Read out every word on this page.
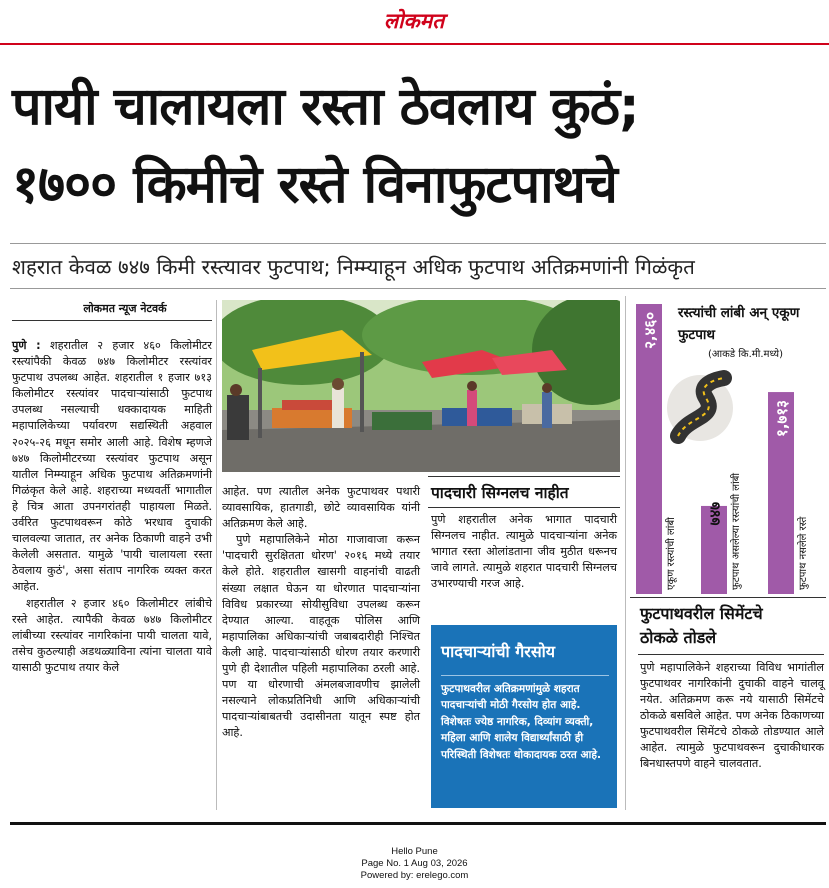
लोकमत
पायी चालायला रस्ता ठेवलाय कुठं;
१७०० किमीचे रस्ते विनाफुटपाथचे
शहरात केवळ ७४७ किमी रस्त्यावर फुटपाथ; निम्म्याहून अधिक फुटपाथ अतिक्रमणांनी गिळंकृत
लोकमत न्यूज नेटवर्क

पुणे : शहरातील २ हजार ४६० किलोमीटर रस्त्यांपैकी केवळ ७४७ किलोमीटर रस्त्यांवर फुटपाथ उपलब्ध आहेत. शहरातील १ हजार ७१३ किलोमीटर रस्त्यांवर पादचाऱ्यांसाठी फुटपाथ उपलब्ध नसल्याची धक्कादायक माहिती महापालिकेच्या पर्यावरण सद्यस्थिती अहवाल २०२५-२६ मधून समोर आली आहे. विशेष म्हणजे ७४७ किलोमीटरच्या रस्त्यांवर फुटपाथ असून यातील निम्म्याहून अधिक फुटपाथ अतिक्रमणांनी गिळंकृत केले आहे. शहराच्या मध्यवर्ती भागातील हे चित्र आता उपनगरांतही पाहायला मिळते. उर्वरित फुटपाथवरून कोठे भरधाव दुचाकी चालवल्या जातात, तर अनेक ठिकाणी वाहने उभी केलेली असतात. यामुळे 'पायी चालायला रस्ता ठेवलाय कुठं', असा संताप नागरिक व्यक्त करत आहेत.

शहरातील २ हजार ४६० किलोमीटर लांबीचे रस्ते आहेत. त्यापैकी केवळ ७४७ किलोमीटर लांबीच्या रस्त्यांवर नागरिकांना पायी चालता यावे, तसेच कुठल्याही अडथळ्याविना त्यांना चालता यावे यासाठी फुटपाथ तयार केले

आहेत. पण त्यातील अनेक फुटपाथवर पथारी व्यावसायिक, हातगाडी, छोटे व्यावसायिक यांनी अतिक्रमण केले आहे.

पुणे महापालिकेने मोठा गाजावाजा करून 'पादचारी सुरक्षितता धोरण' २०१६ मध्ये तयार केले होते. शहरातील खासगी वाहनांची वाढती संख्या लक्षात घेऊन या धोरणात पादचाऱ्यांना विविध प्रकारच्या सोयीसुविधा उपलब्ध करून देण्यात आल्या. वाहतूक पोलिस आणि महापालिका अधिकाऱ्यांची जबाबदारीही निश्चित केली आहे. पादचाऱ्यांसाठी धोरण तयार करणारी पुणे ही देशातील पहिली महापालिका ठरली आहे. पण या धोरणाची अंमलबजावणीच झालेली नसल्याने लोकप्रतिनिधी आणि अधिकाऱ्यांची पादचाऱ्यांबाबतची उदासीनता यातून स्पष्ट होत आहे.

पादचारी सिग्नलच नाहीत
पुणे शहरातील अनेक भागात पादचारी सिग्नलच नाहीत. त्यामुळे पादचाऱ्यांना अनेक भागात रस्ता ओलांडताना जीव मुठीत धरूनच जावे लागते. त्यामुळे शहरात पादचारी सिग्नलच उभारण्याची गरज आहे.
पादचाऱ्यांची गैरसोय
फुटपाथवरील अतिक्रमणांमुळे शहरात पादचाऱ्यांची मोठी गैरसोय होत आहे. विशेषतः ज्येष्ठ नागरिक, दिव्यांग व्यक्ती, महिला आणि शालेय विद्यार्थ्यांसाठी ही परिस्थिती विशेषतः धोकादायक ठरत आहे.
२,४६०
एकूण रस्त्यांची लांबी
७४७ फुटपाथ असलेल्या रस्त्यांची लांबी
१,७१३
फुटपाथ नसलेले रस्ते
रस्त्यांची लांबी अन् एकूण फुटपाथ
(आकडे कि.मी.मध्ये)
फुटपाथवरील सिमेंटचे
ठोकळे तोडले
पुणे महापालिकेने शहराच्या विविध भागांतील फुटपाथवर नागरिकांनी दुचाकी वाहने चालवू नयेत. अतिक्रमण करू नये यासाठी सिमेंटचे ठोकळे बसविले आहेत. पण अनेक ठिकाणच्या फुटपाथवरील सिमेंटचे ठोकळे तोडण्यात आले आहेत. त्यामुळे फुटपाथवरून दुचाकीधारक बिनधास्तपणे वाहने चालवतात.
Hello Pune
Page No. 1 Aug 03, 2026
Powered by: erelego.com
